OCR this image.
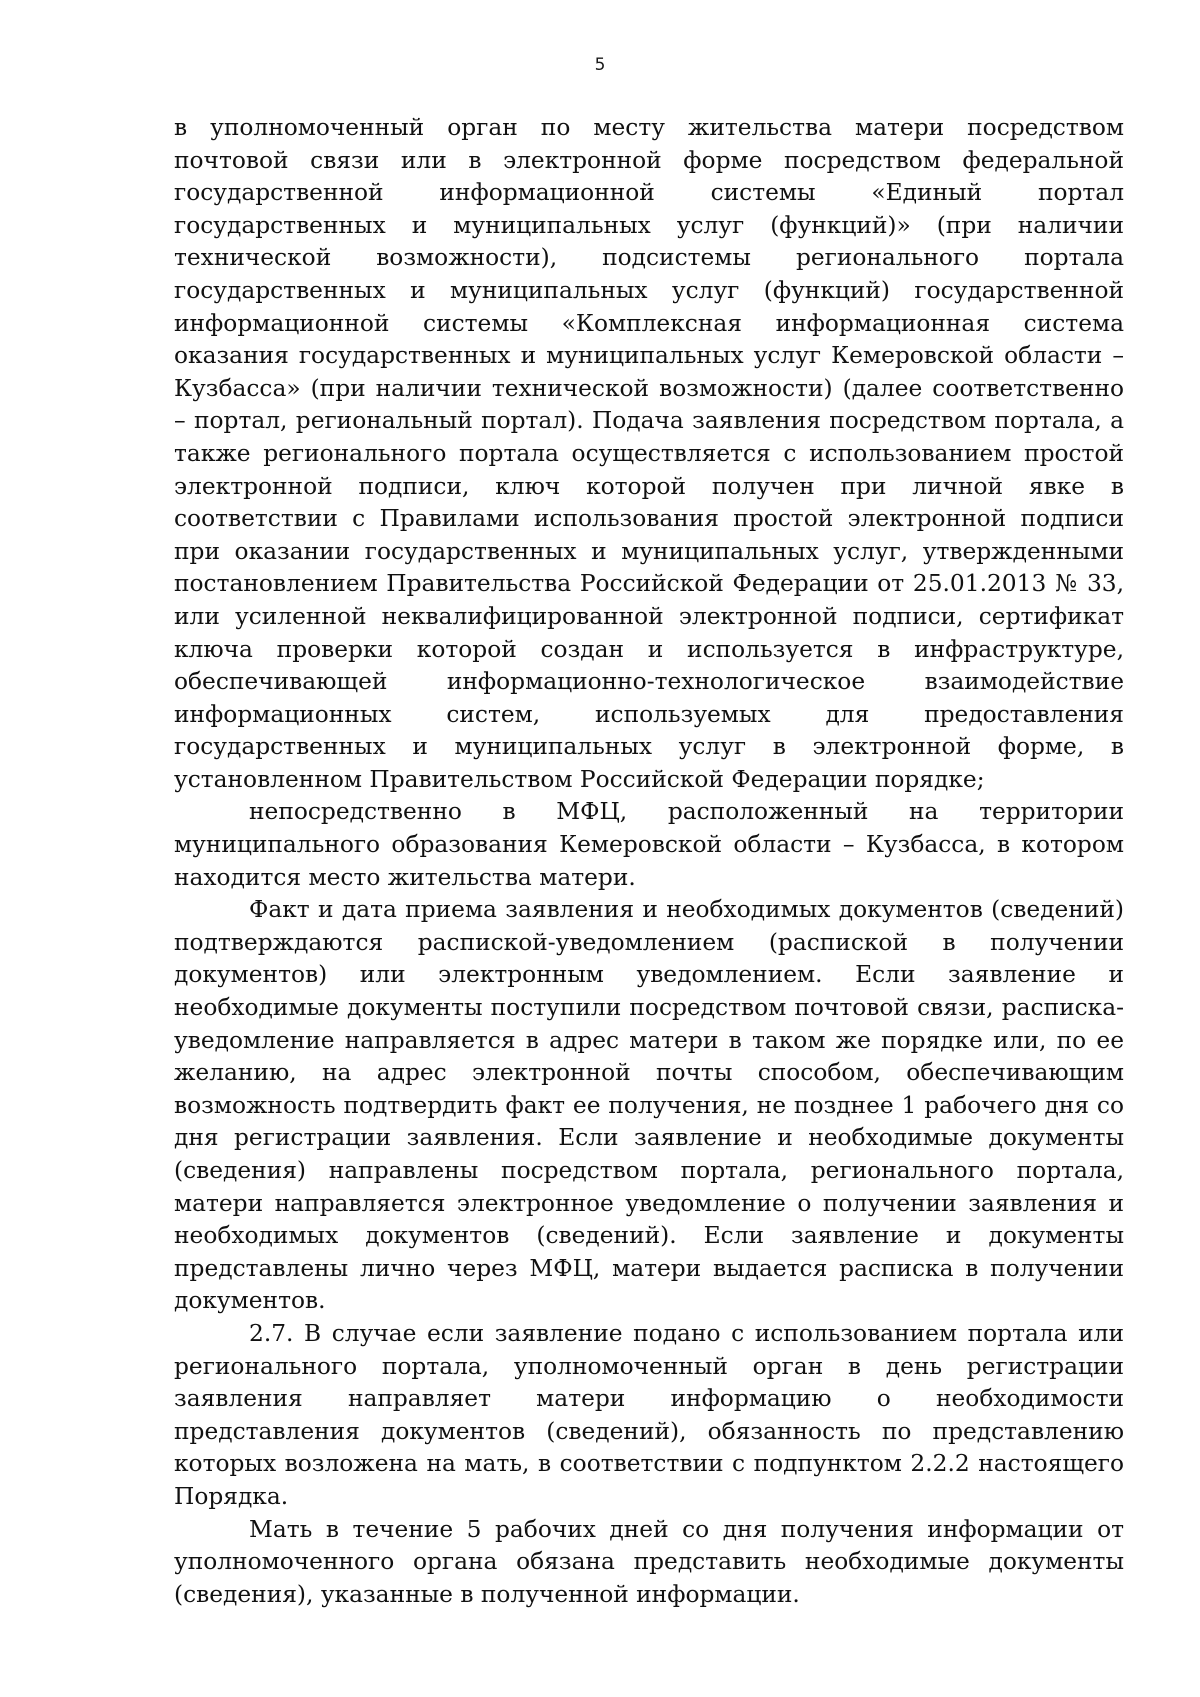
5

в уполномоченный орган по месту жительства матери посредством почтовой связи или в электронной форме посредством федеральной государственной информационной системы «Единый портал государственных и муниципальных услуг (функций)» (при наличии технической возможности), подсистемы регионального портала государственных и муниципальных услуг (функций) государственной информационной системы «Комплексная информационная система оказания государственных и муниципальных услуг Кемеровской области – Кузбасса» (при наличии технической возможности) (далее соответственно – портал, региональный портал). Подача заявления посредством портала, а также регионального портала осуществляется с использованием простой электронной подписи, ключ которой получен при личной явке в соответствии с Правилами использования простой электронной подписи при оказании государственных и муниципальных услуг, утвержденными постановлением Правительства Российской Федерации от 25.01.2013 № 33, или усиленной неквалифицированной электронной подписи, сертификат ключа проверки которой создан и используется в инфраструктуре, обеспечивающей информационно-технологическое взаимодействие информационных систем, используемых для предоставления государственных и муниципальных услуг в электронной форме, в установленном Правительством Российской Федерации порядке;

непосредственно в МФЦ, расположенный на территории муниципального образования Кемеровской области – Кузбасса, в котором находится место жительства матери.

Факт и дата приема заявления и необходимых документов (сведений) подтверждаются распиской-уведомлением (распиской в получении документов) или электронным уведомлением. Если заявление и необходимые документы поступили посредством почтовой связи, расписка-уведомление направляется в адрес матери в таком же порядке или, по ее желанию, на адрес электронной почты способом, обеспечивающим возможность подтвердить факт ее получения, не позднее 1 рабочего дня со дня регистрации заявления. Если заявление и необходимые документы (сведения) направлены посредством портала, регионального портала, матери направляется электронное уведомление о получении заявления и необходимых документов (сведений). Если заявление и документы представлены лично через МФЦ, матери выдается расписка в получении документов.

2.7. В случае если заявление подано с использованием портала или регионального портала, уполномоченный орган в день регистрации заявления направляет матери информацию о необходимости представления документов (сведений), обязанность по представлению которых возложена на мать, в соответствии с подпунктом 2.2.2 настоящего Порядка.

Мать в течение 5 рабочих дней со дня получения информации от уполномоченного органа обязана представить необходимые документы (сведения), указанные в полученной информации.
